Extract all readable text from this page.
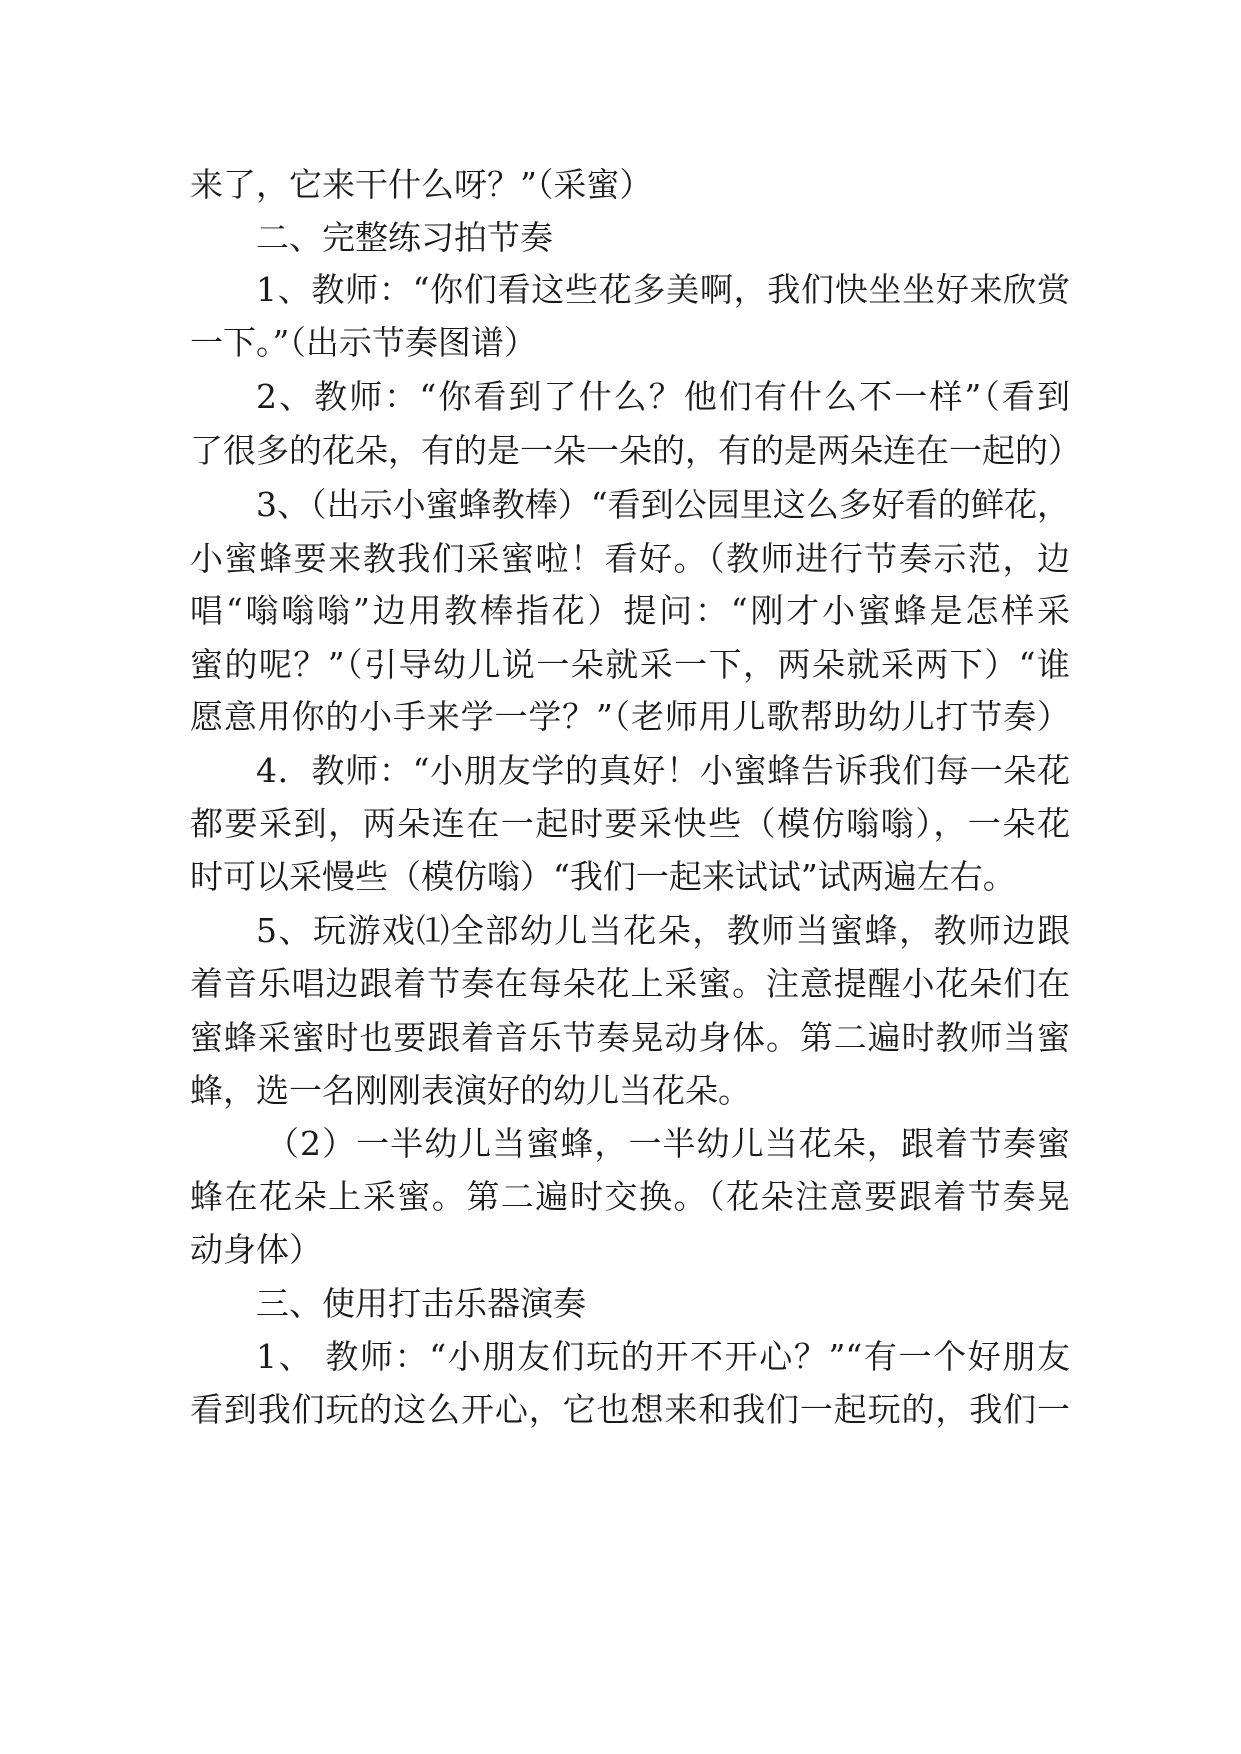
来了，它来干什么呀？”（采蜜）
二、完整练习拍节奏
1、教师：“你们看这些花多美啊，我们快坐坐好来欣赏
一下。”（出示节奏图谱）
2、教师：“你看到了什么？他们有什么不一样”（看到
了很多的花朵，有的是一朵一朵的，有的是两朵连在一起的）
3、（出示小蜜蜂教棒）“看到公园里这么多好看的鲜花，
小蜜蜂要来教我们采蜜啦！看好。（教师进行节奏示范，边
唱“嗡嗡嗡”边用教棒指花）提问：“刚才小蜜蜂是怎样采
蜜的呢？”（引导幼儿说一朵就采一下，两朵就采两下）“谁
愿意用你的小手来学一学？”（老师用儿歌帮助幼儿打节奏）
4．教师：“小朋友学的真好！小蜜蜂告诉我们每一朵花
都要采到，两朵连在一起时要采快些（模仿嗡嗡），一朵花
时可以采慢些（模仿嗡）“我们一起来试试”试两遍左右。
5、玩游戏⑴全部幼儿当花朵，教师当蜜蜂，教师边跟
着音乐唱边跟着节奏在每朵花上采蜜。注意提醒小花朵们在
蜜蜂采蜜时也要跟着音乐节奏晃动身体。第二遍时教师当蜜
蜂，选一名刚刚表演好的幼儿当花朵。
（2）一半幼儿当蜜蜂，一半幼儿当花朵，跟着节奏蜜
蜂在花朵上采蜜。第二遍时交换。（花朵注意要跟着节奏晃
动身体）
三、使用打击乐器演奏
1、 教师：“小朋友们玩的开不开心？”“有一个好朋友
看到我们玩的这么开心，它也想来和我们一起玩的，我们一
